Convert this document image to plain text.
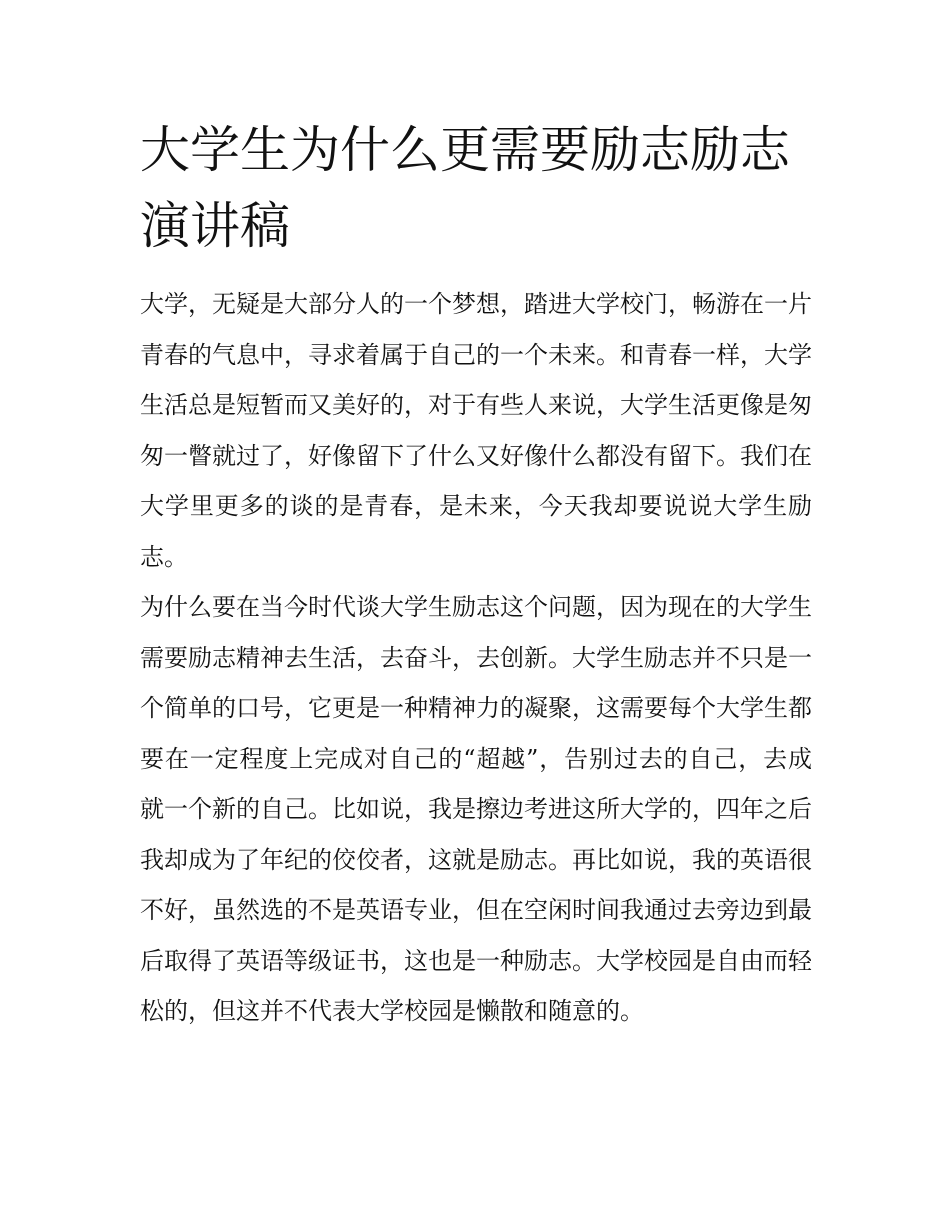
大学生为什么更需要励志励志演讲稿

大学，无疑是大部分人的一个梦想，踏进大学校门，畅游在一片青春的气息中，寻求着属于自己的一个未来。和青春一样，大学生活总是短暂而又美好的，对于有些人来说，大学生活更像是匆匆一瞥就过了，好像留下了什么又好像什么都没有留下。我们在大学里更多的谈的是青春，是未来，今天我却要说说大学生励志。

为什么要在当今时代谈大学生励志这个问题，因为现在的大学生需要励志精神去生活，去奋斗，去创新。大学生励志并不只是一个简单的口号，它更是一种精神力的凝聚，这需要每个大学生都要在一定程度上完成对自己的“超越”，告别过去的自己，去成就一个新的自己。比如说，我是擦边考进这所大学的，四年之后我却成为了年纪的佼佼者，这就是励志。再比如说，我的英语很不好，虽然选的不是英语专业，但在空闲时间我通过去旁边到最后取得了英语等级证书，这也是一种励志。大学校园是自由而轻松的，但这并不代表大学校园是懒散和随意的。
